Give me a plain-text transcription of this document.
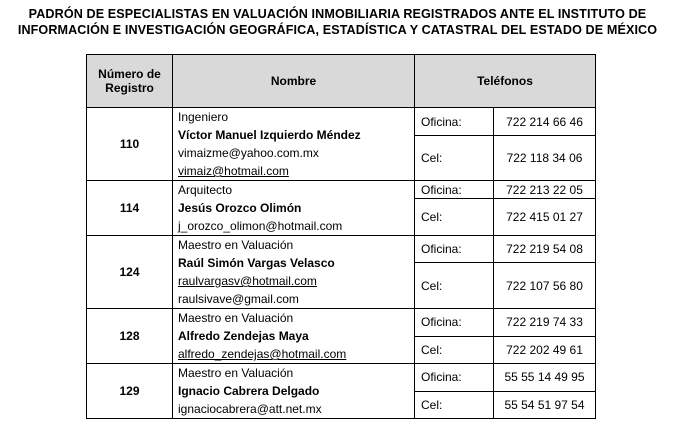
PADRÓN DE ESPECIALISTAS EN VALUACIÓN INMOBILIARIA REGISTRADOS ANTE EL INSTITUTO DE
INFORMACIÓN E INVESTIGACIÓN GEOGRÁFICA, ESTADÍSTICA Y CATASTRAL DEL ESTADO DE MÉXICO
Número de
Registro	Nombre	Teléfonos	
110	Ingeniero
Víctor Manuel Izquierdo Méndez
vimaizme@yahoo.com.mx
vimaiz@hotmail.com	Oficina:	722 214 66 46
		Cel:	722 118 34 06
114	Arquitecto
Jesús Orozco Olimón
j_orozco_olimon@hotmail.com	Oficina:	722 213 22 05
		Cel:	722 415 01 27
124	Maestro en Valuación
Raúl Simón Vargas Velasco
raulvargasv@hotmail.com
raulsivave@gmail.com	Oficina:	722 219 54 08
		Cel:	722 107 56 80
128	Maestro en Valuación
Alfredo Zendejas Maya
alfredo_zendejas@hotmail.com	Oficina:	722 219 74 33
		Cel:	722 202 49 61
129	Maestro en Valuación
Ignacio Cabrera Delgado
ignaciocabrera@att.net.mx	Oficina:	55 55 14 49 95
		Cel:	55 54 51 97 54
